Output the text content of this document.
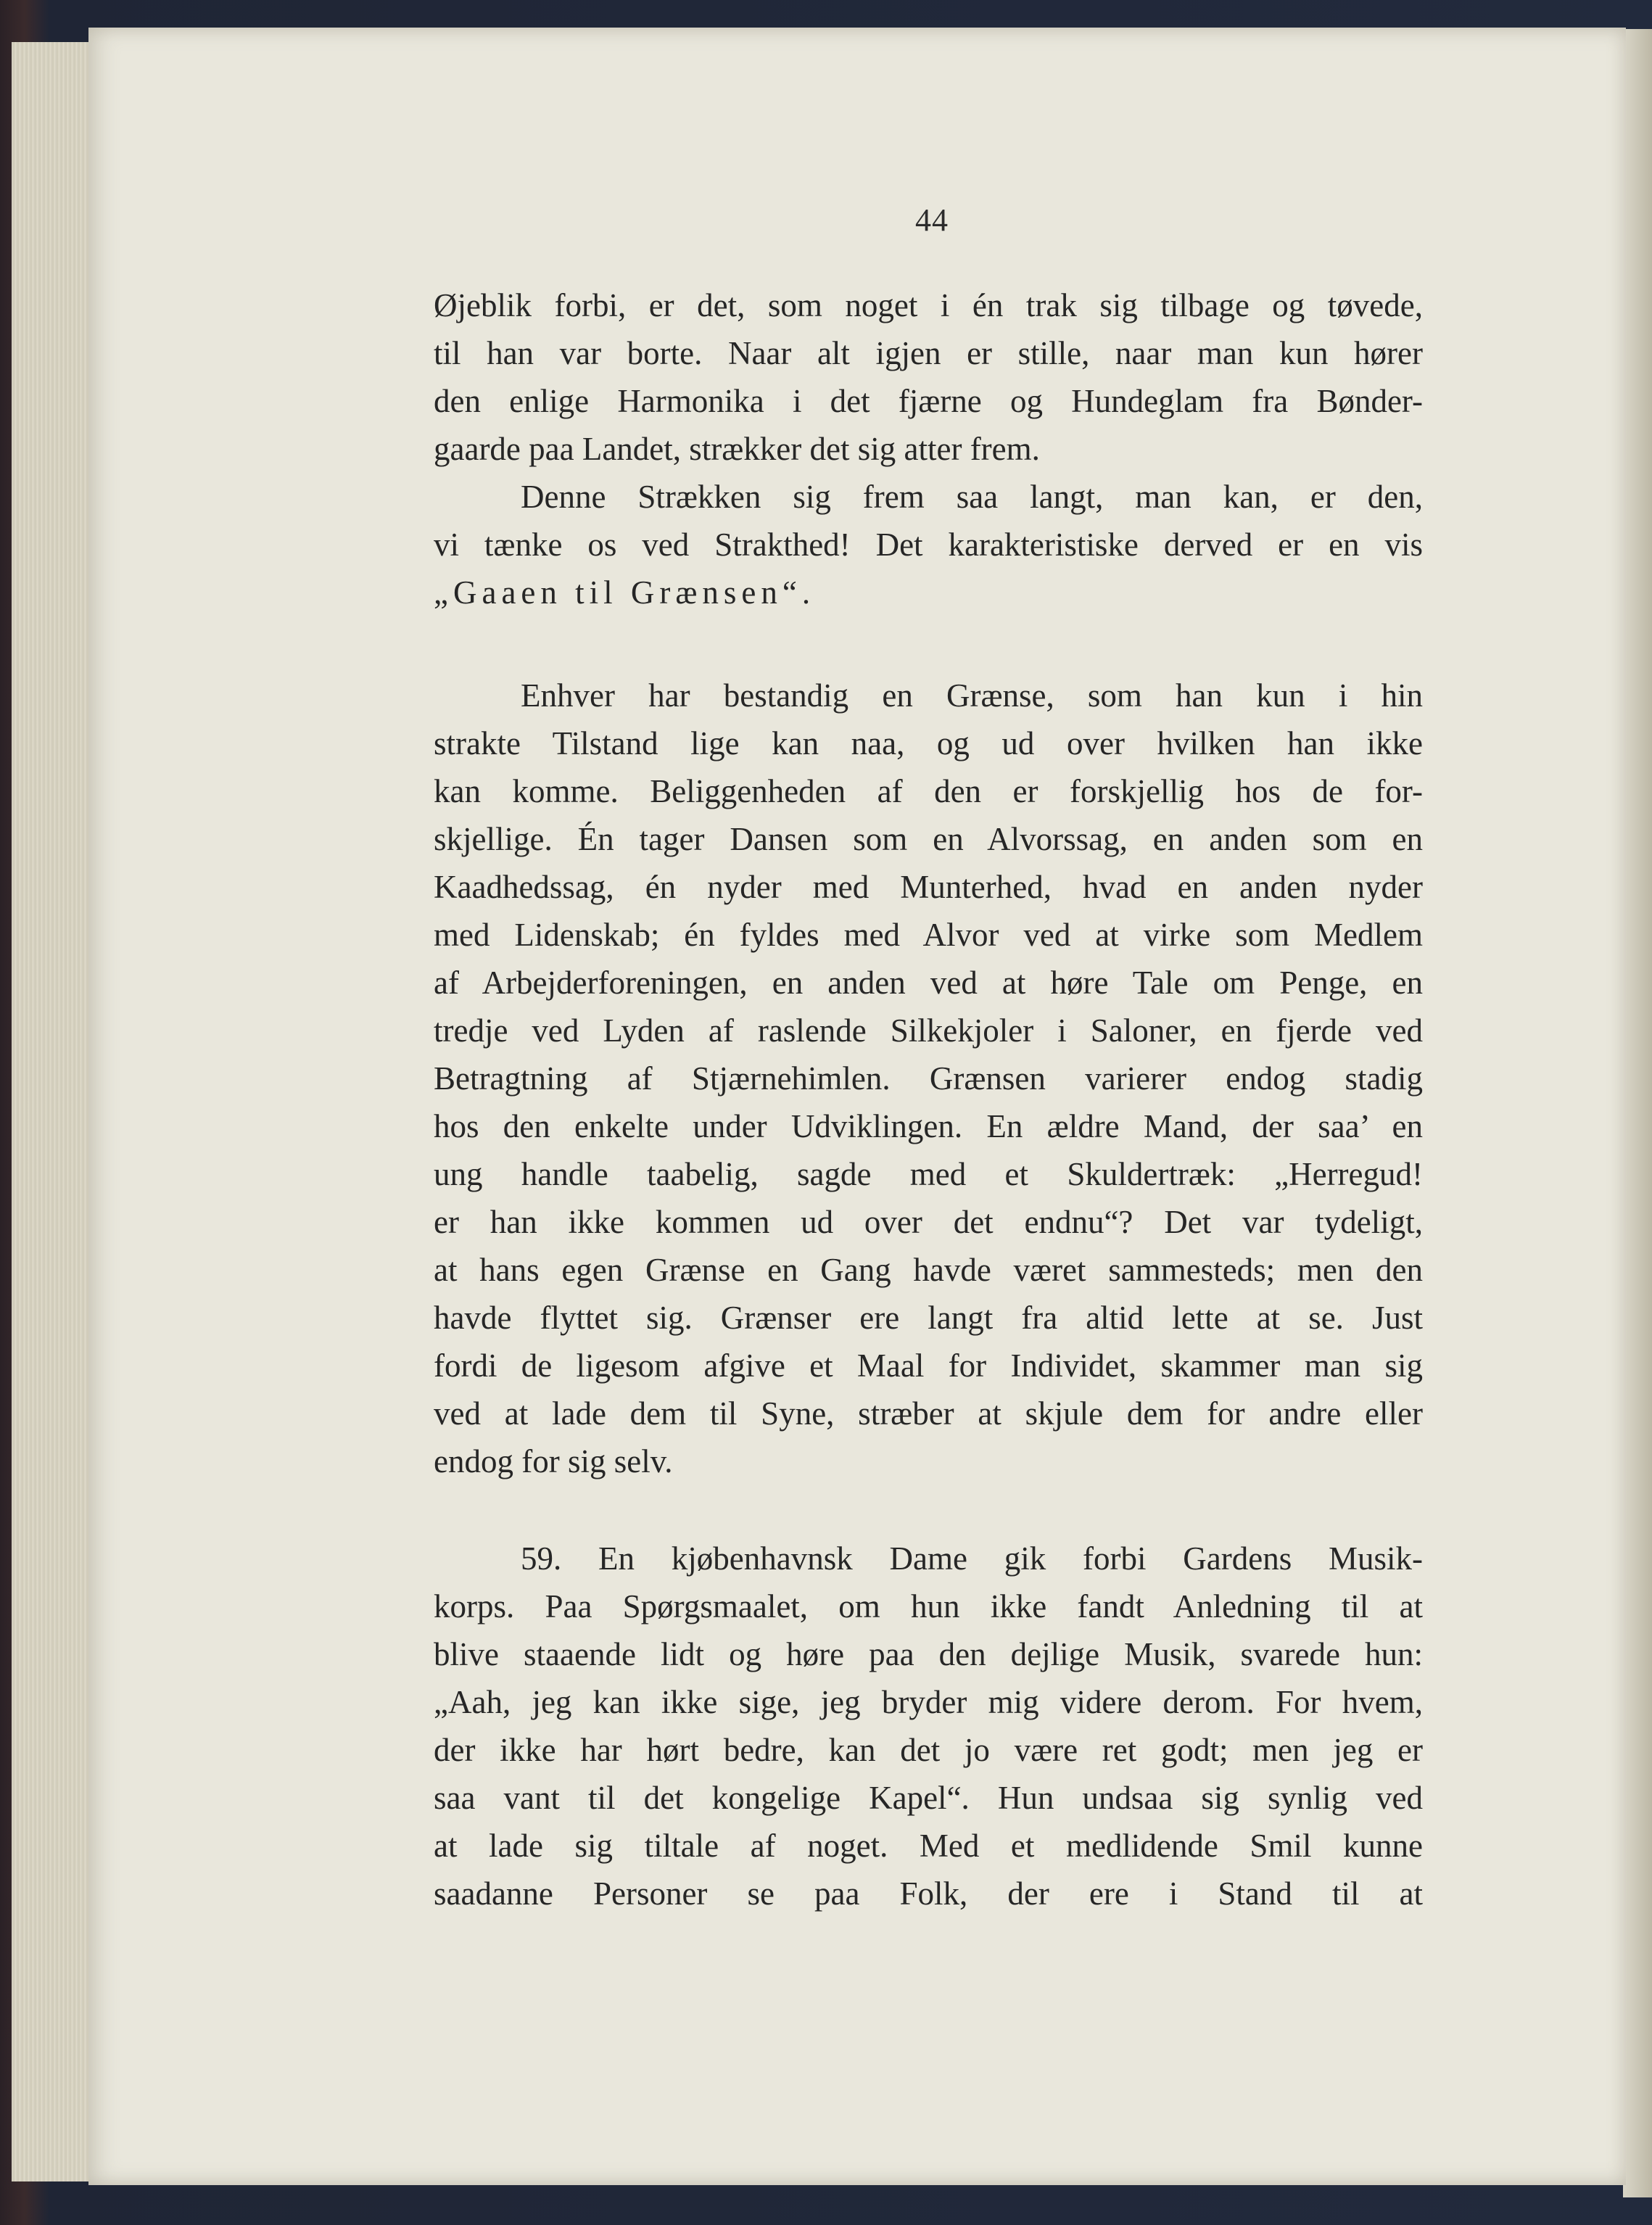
44
Øjeblik forbi, er det, som noget i én trak sig tilbage og tøvede,
til han var borte. Naar alt igjen er stille, naar man kun hører
den enlige Harmonika i det fjærne og Hundeglam fra Bønder-
gaarde paa Landet, strækker det sig atter frem.
Denne Strækken sig frem saa langt, man kan, er den,
vi tænke os ved Strakthed! Det karakteristiske derved er en vis
„Gaaen til Grænsen“.
Enhver har bestandig en Grænse, som han kun i hin
strakte Tilstand lige kan naa, og ud over hvilken han ikke
kan komme. Beliggenheden af den er forskjellig hos de for-
skjellige. Én tager Dansen som en Alvorssag, en anden som en
Kaadhedssag, én nyder med Munterhed, hvad en anden nyder
med Lidenskab; én fyldes med Alvor ved at virke som Medlem
af Arbejderforeningen, en anden ved at høre Tale om Penge, en
tredje ved Lyden af raslende Silkekjoler i Saloner, en fjerde ved
Betragtning af Stjærnehimlen. Grænsen varierer endog stadig
hos den enkelte under Udviklingen. En ældre Mand, der saa’ en
ung handle taabelig, sagde med et Skuldertræk: „Herregud!
er han ikke kommen ud over det endnu“? Det var tydeligt,
at hans egen Grænse en Gang havde været sammesteds; men den
havde flyttet sig. Grænser ere langt fra altid lette at se. Just
fordi de ligesom afgive et Maal for Individet, skammer man sig
ved at lade dem til Syne, stræber at skjule dem for andre eller
endog for sig selv.
59. En kjøbenhavnsk Dame gik forbi Gardens Musik-
korps. Paa Spørgsmaalet, om hun ikke fandt Anledning til at
blive staaende lidt og høre paa den dejlige Musik, svarede hun:
„Aah, jeg kan ikke sige, jeg bryder mig videre derom. For hvem,
der ikke har hørt bedre, kan det jo være ret godt; men jeg er
saa vant til det kongelige Kapel“. Hun undsaa sig synlig ved
at lade sig tiltale af noget. Med et medlidende Smil kunne
saadanne Personer se paa Folk, der ere i Stand til at
